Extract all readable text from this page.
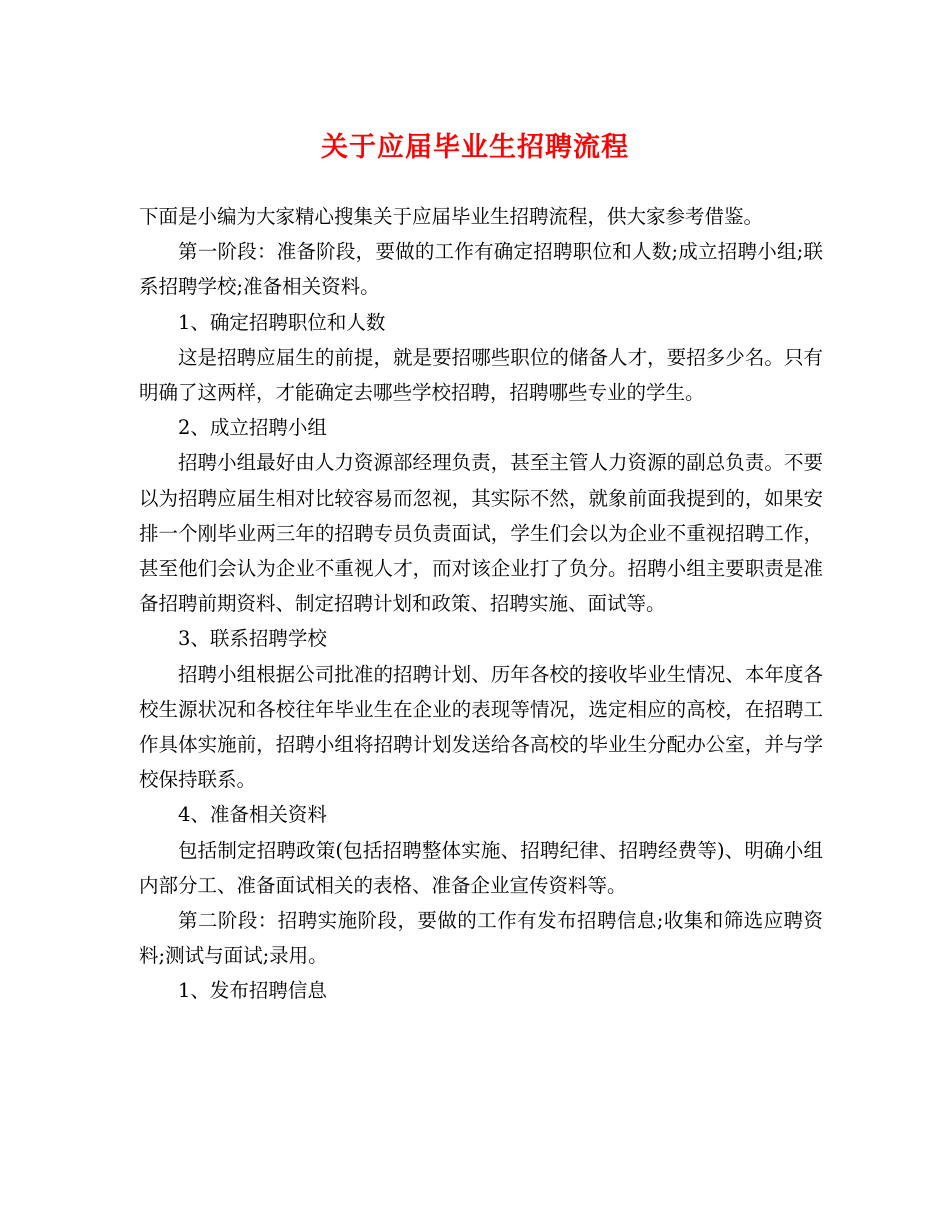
关于应届毕业生招聘流程

下面是小编为大家精心搜集关于应届毕业生招聘流程，供大家参考借鉴。

第一阶段：准备阶段，要做的工作有确定招聘职位和人数;成立招聘小组;联系招聘学校;准备相关资料。

1、确定招聘职位和人数

这是招聘应届生的前提，就是要招哪些职位的储备人才，要招多少名。只有明确了这两样，才能确定去哪些学校招聘，招聘哪些专业的学生。

2、成立招聘小组

招聘小组最好由人力资源部经理负责，甚至主管人力资源的副总负责。不要以为招聘应届生相对比较容易而忽视，其实际不然，就象前面我提到的，如果安排一个刚毕业两三年的招聘专员负责面试，学生们会以为企业不重视招聘工作，甚至他们会认为企业不重视人才，而对该企业打了负分。招聘小组主要职责是准备招聘前期资料、制定招聘计划和政策、招聘实施、面试等。

3、联系招聘学校

招聘小组根据公司批准的招聘计划、历年各校的接收毕业生情况、本年度各校生源状况和各校往年毕业生在企业的表现等情况，选定相应的高校，在招聘工作具体实施前，招聘小组将招聘计划发送给各高校的毕业生分配办公室，并与学校保持联系。

4、准备相关资料

包括制定招聘政策(包括招聘整体实施、招聘纪律、招聘经费等)、明确小组内部分工、准备面试相关的表格、准备企业宣传资料等。

第二阶段：招聘实施阶段，要做的工作有发布招聘信息;收集和筛选应聘资料;测试与面试;录用。

1、发布招聘信息
